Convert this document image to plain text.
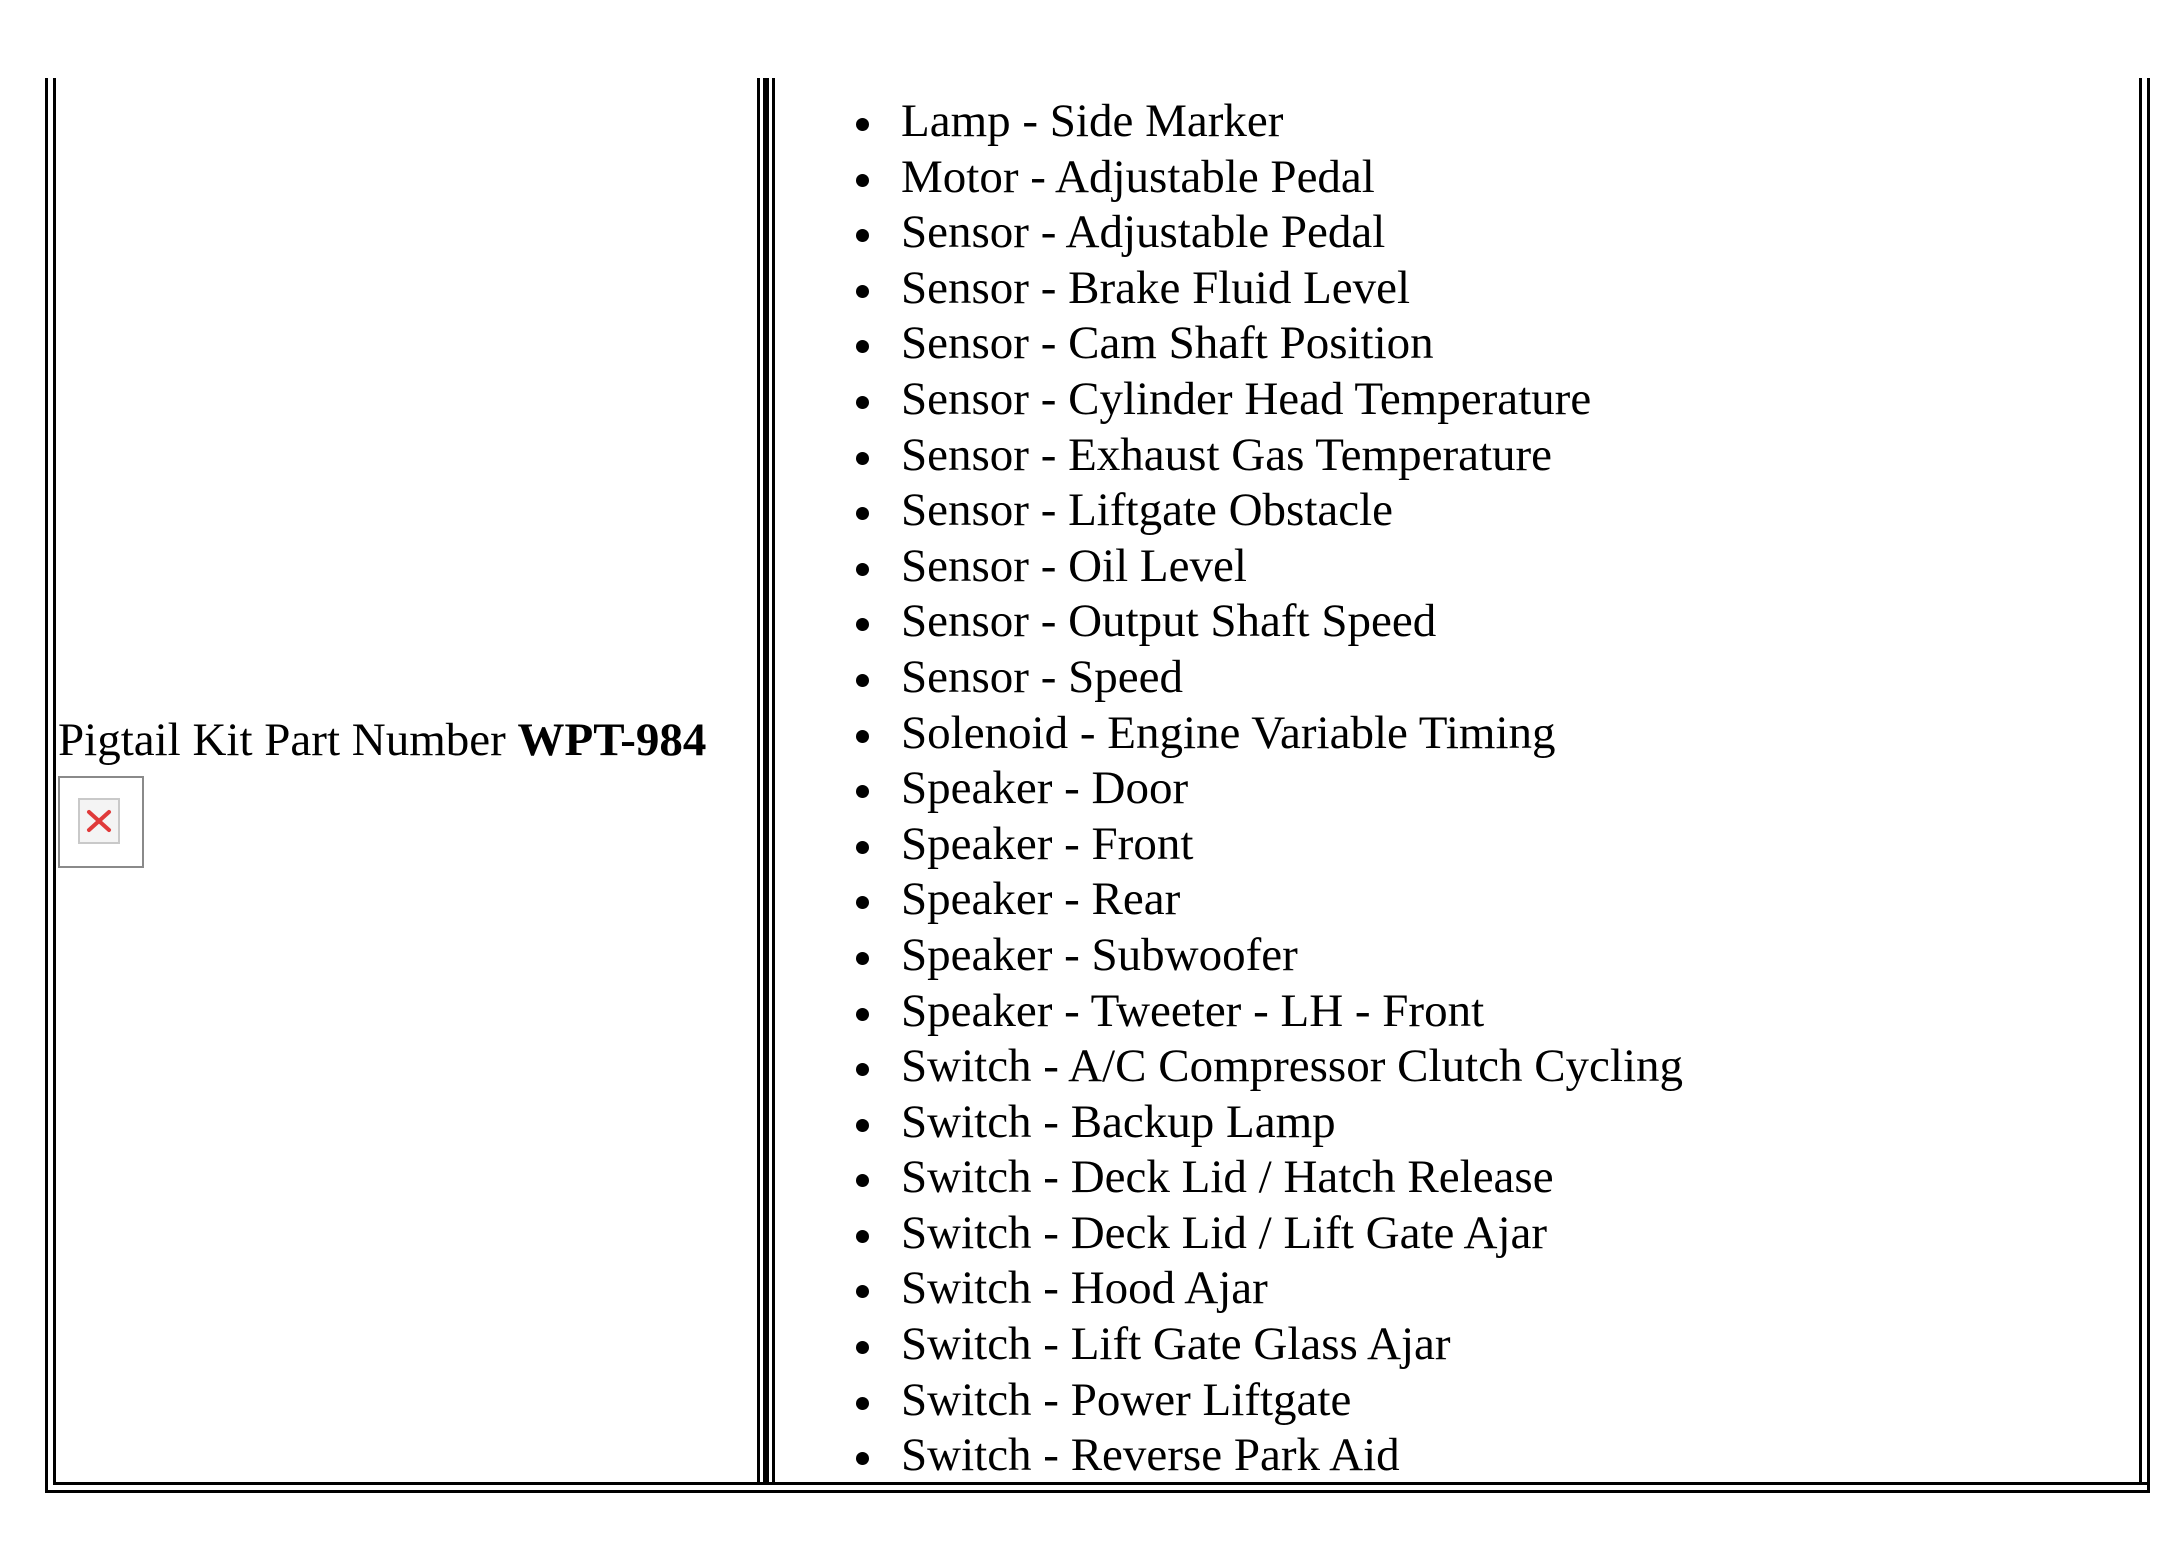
Pigtail Kit Part Number WPT-984
Lamp - Side Marker
Motor - Adjustable Pedal
Sensor - Adjustable Pedal
Sensor - Brake Fluid Level
Sensor - Cam Shaft Position
Sensor - Cylinder Head Temperature
Sensor - Exhaust Gas Temperature
Sensor - Liftgate Obstacle
Sensor - Oil Level
Sensor - Output Shaft Speed
Sensor - Speed
Solenoid - Engine Variable Timing
Speaker - Door
Speaker - Front
Speaker - Rear
Speaker - Subwoofer
Speaker - Tweeter - LH - Front
Switch - A/C Compressor Clutch Cycling
Switch - Backup Lamp
Switch - Deck Lid / Hatch Release
Switch - Deck Lid / Lift Gate Ajar
Switch - Hood Ajar
Switch - Lift Gate Glass Ajar
Switch - Power Liftgate
Switch - Reverse Park Aid
